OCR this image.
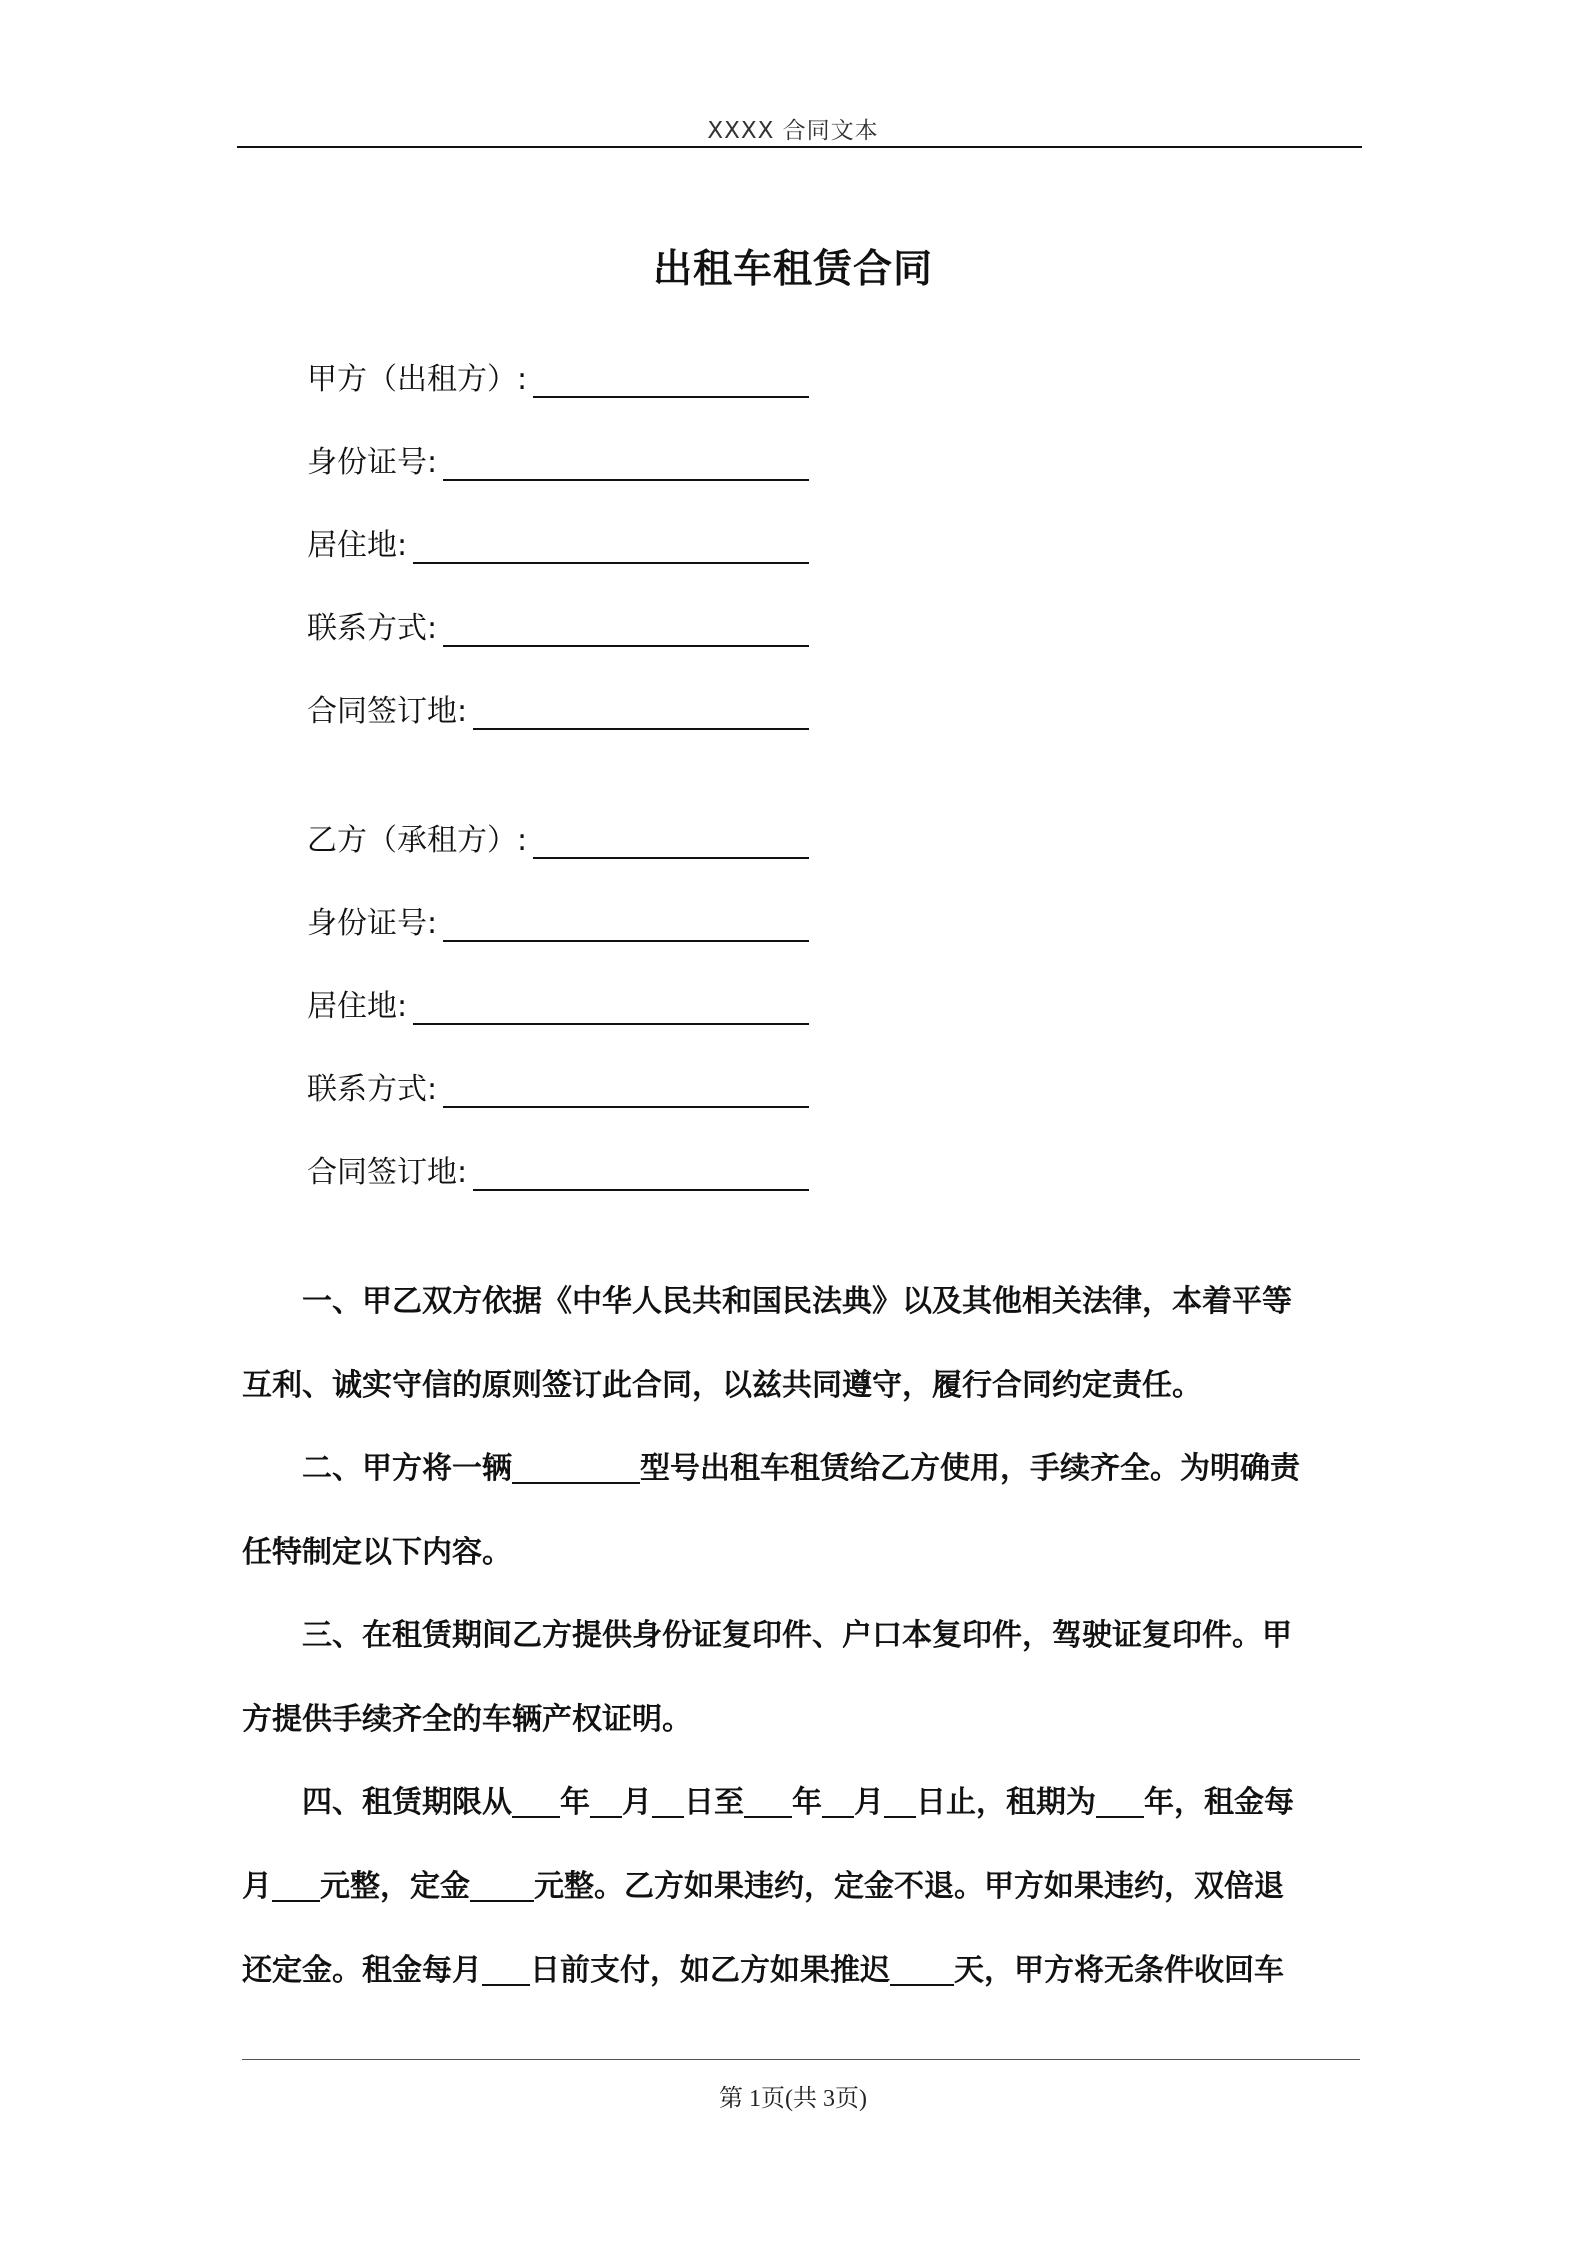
XXXX 合同文本
出租车租赁合同
甲方（出租方）:
身份证号:
居住地:
联系方式:
合同签订地:
乙方（承租方）:
身份证号:
居住地:
联系方式:
合同签订地:
一、甲乙双方依据《中华人民共和国民法典》以及其他相关法律，本着平等
互利、诚实守信的原则签订此合同，以兹共同遵守，履行合同约定责任。
二、甲方将一辆	型号出租车租赁给乙方使用，手续齐全。为明确责
任特制定以下内容。
三、在租赁期间乙方提供身份证复印件、户口本复印件，驾驶证复印件。甲
方提供手续齐全的车辆产权证明。
四、租赁期限从 年 月 日至 年 月 日止，租期为 年，租金每
月 元整，定金 元整。乙方如果违约，定金不退。甲方如果违约，双倍退
还定金。租金每月 日前支付，如乙方如果推迟 天，甲方将无条件收回车
第 1页(共 3页)
